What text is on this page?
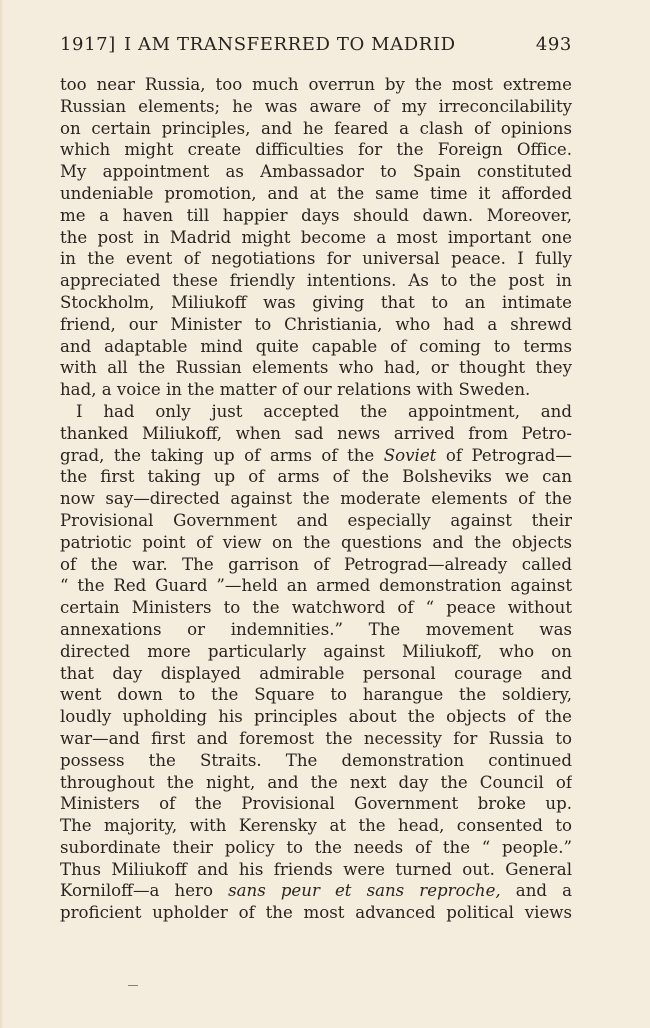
1917] I AM TRANSFERRED TO MADRID	493
too near Russia, too much overrun by the most extreme
Russian elements; he was aware of my irreconcilability
on certain principles, and he feared a clash of opinions
which might create difficulties for the Foreign Office.
My appointment as Ambassador to Spain constituted
undeniable promotion, and at the same time it afforded
me a haven till happier days should dawn. Moreover,
the post in Madrid might become a most important one
in the event of negotiations for universal peace. I fully
appreciated these friendly intentions. As to the post in
Stockholm, Miliukoff was giving that to an intimate
friend, our Minister to Christiania, who had a shrewd
and adaptable mind quite capable of coming to terms
with all the Russian elements who had, or thought they
had, a voice in the matter of our relations with Sweden.
I had only just accepted the appointment, and
thanked Miliukoff, when sad news arrived from Petro-
grad, the taking up of arms of the Soviet of Petrograd—
the first taking up of arms of the Bolsheviks we can
now say—directed against the moderate elements of the
Provisional Government and especially against their
patriotic point of view on the questions and the objects
of the war. The garrison of Petrograd—already called
“ the Red Guard ”—held an armed demonstration against
certain Ministers to the watchword of “ peace without
annexations or indemnities.” The movement was
directed more particularly against Miliukoff, who on
that day displayed admirable personal courage and
went down to the Square to harangue the soldiery,
loudly upholding his principles about the objects of the
war—and first and foremost the necessity for Russia to
possess the Straits. The demonstration continued
throughout the night, and the next day the Council of
Ministers of the Provisional Government broke up.
The majority, with Kerensky at the head, consented to
subordinate their policy to the needs of the “ people.”
Thus Miliukoff and his friends were turned out. General
Korniloff—a hero sans peur et sans reproche, and a
proficient upholder of the most advanced political views
